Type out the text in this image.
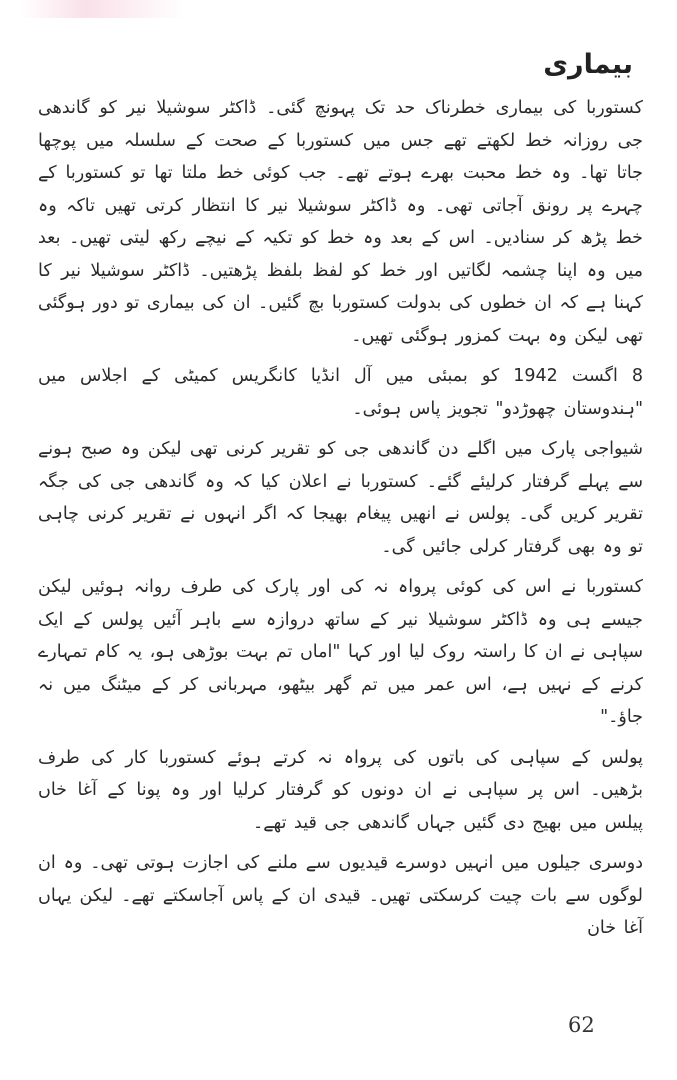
بیماری

کستوربا کی بیماری خطرناک حد تک پہونچ گئی۔ ڈاکٹر سوشیلا نیر کو گاندھی جی روزانہ خط لکھتے تھے جس میں کستوربا کے صحت کے سلسلہ میں پوچھا جاتا تھا۔ وہ خط محبت بھرے ہوتے تھے۔ جب کوئی خط ملتا تھا تو کستوربا کے چہرے پر رونق آجاتی تھی۔ وہ ڈاکٹر سوشیلا نیر کا انتظار کرتی تھیں تاکہ وہ خط پڑھ کر سنادیں۔ اس کے بعد وہ خط کو تکیہ کے نیچے رکھ لیتی تھیں۔ بعد میں وہ اپنا چشمہ لگاتیں اور خط کو لفظ بلفظ پڑھتیں۔ ڈاکٹر سوشیلا نیر کا کہنا ہے کہ ان خطوں کی بدولت کستوربا بچ گئیں۔ ان کی بیماری تو دور ہوگئی تھی لیکن وہ بہت کمزور ہوگئی تھیں۔

8 اگست 1942 کو بمبئی میں آل انڈیا کانگریس کمیٹی کے اجلاس میں "ہندوستان چھوڑدو" تجویز پاس ہوئی۔

شیواجی پارک میں اگلے دن گاندھی جی کو تقریر کرنی تھی لیکن وہ صبح ہونے سے پہلے گرفتار کرلیئے گئے۔ کستوربا نے اعلان کیا کہ وہ گاندھی جی کی جگہ تقریر کریں گی۔ پولس نے انھیں پیغام بھیجا کہ اگر انہوں نے تقریر کرنی چاہی تو وہ بھی گرفتار کرلی جائیں گی۔

کستوربا نے اس کی کوئی پرواہ نہ کی اور پارک کی طرف روانہ ہوئیں لیکن جیسے ہی وہ ڈاکٹر سوشیلا نیر کے ساتھ دروازہ سے باہر آئیں پولس کے ایک سپاہی نے ان کا راستہ روک لیا اور کہا "اماں تم بہت بوڑھی ہو، یہ کام تمہارے کرنے کے نہیں ہے، اس عمر میں تم گھر بیٹھو، مہربانی کر کے میٹنگ میں نہ جاؤ۔"

پولس کے سپاہی کی باتوں کی پرواہ نہ کرتے ہوئے کستوربا کار کی طرف بڑھیں۔ اس پر سپاہی نے ان دونوں کو گرفتار کرلیا اور وہ پونا کے آغا خاں پیلس میں بھیج دی گئیں جہاں گاندھی جی قید تھے۔

دوسری جیلوں میں انہیں دوسرے قیدیوں سے ملنے کی اجازت ہوتی تھی۔ وہ ان لوگوں سے بات چیت کرسکتی تھیں۔ قیدی ان کے پاس آجاسکتے تھے۔ لیکن یہاں آغا خان

62
